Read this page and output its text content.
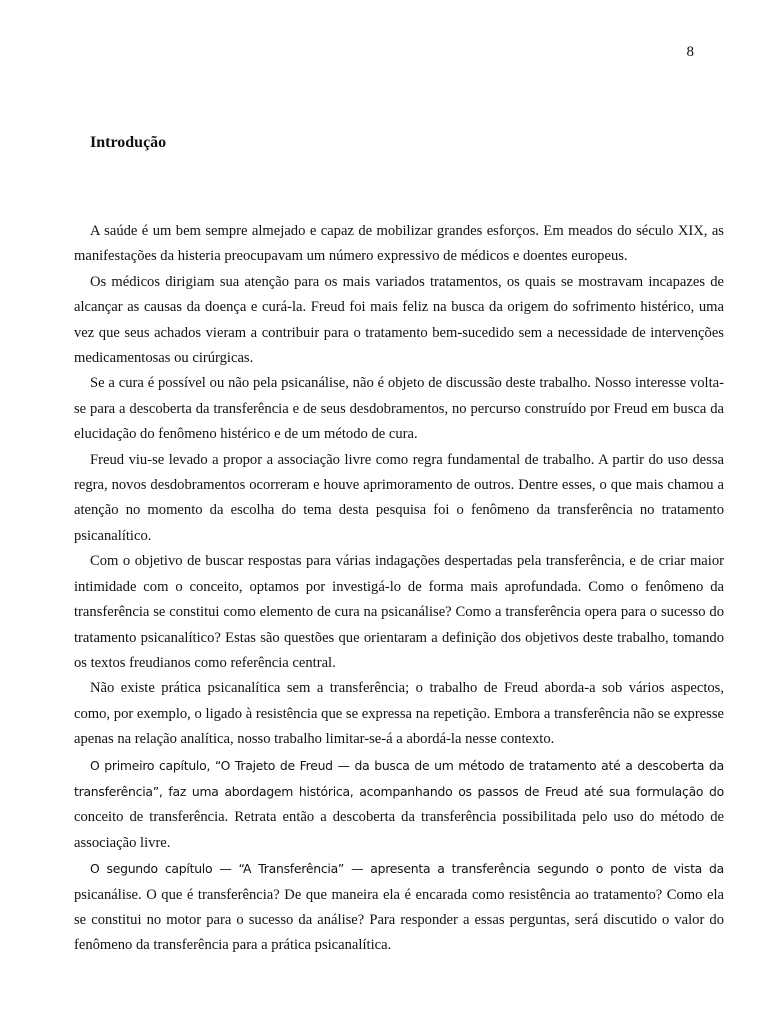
8
Introdução

A saúde é um bem sempre almejado e capaz de mobilizar grandes esforços. Em meados do século XIX, as manifestações da histeria preocupavam um número expressivo de médicos e doentes europeus.

Os médicos dirigiam sua atenção para os mais variados tratamentos, os quais se mostravam incapazes de alcançar as causas da doença e curá-la. Freud foi mais feliz na busca da origem do sofrimento histérico, uma vez que seus achados vieram a contribuir para o tratamento bem-sucedido sem a necessidade de intervenções medicamentosas ou cirúrgicas.

Se a cura é possível ou não pela psicanálise, não é objeto de discussão deste trabalho. Nosso interesse volta-se para a descoberta da transferência e de seus desdobramentos, no percurso construído por Freud em busca da elucidação do fenômeno histérico e de um método de cura.

Freud viu-se levado a propor a associação livre como regra fundamental de trabalho. A partir do uso dessa regra, novos desdobramentos ocorreram e houve aprimoramento de outros. Dentre esses, o que mais chamou a atenção no momento da escolha do tema desta pesquisa foi o fenômeno da transferência no tratamento psicanalítico.

Com o objetivo de buscar respostas para várias indagações despertadas pela transferência, e de criar maior intimidade com o conceito, optamos por investigá-lo de forma mais aprofundada. Como o fenômeno da transferência se constitui como elemento de cura na psicanálise? Como a transferência opera para o sucesso do tratamento psicanalítico? Estas são questões que orientaram a definição dos objetivos deste trabalho, tomando os textos freudianos como referência central.

Não existe prática psicanalítica sem a transferência; o trabalho de Freud aborda-a sob vários aspectos, como, por exemplo, o ligado à resistência que se expressa na repetição. Embora a transferência não se expresse apenas na relação analítica, nosso trabalho limitar-se-á a abordá-la nesse contexto.

O primeiro capítulo, “O Trajeto de Freud — da busca de um método de tratamento até a descoberta da transferência”, faz uma abordagem histórica, acompanhando os passos de Freud até sua formulação do conceito de transferência. Retrata então a descoberta da transferência possibilitada pelo uso do método de associação livre.

O segundo capítulo — “A Transferência” — apresenta a transferência segundo o ponto de vista da psicanálise. O que é transferência? De que maneira ela é encarada como resistência ao tratamento? Como ela se constitui no motor para o sucesso da análise? Para responder a essas perguntas, será discutido o valor do fenômeno da transferência para a prática psicanalítica.
